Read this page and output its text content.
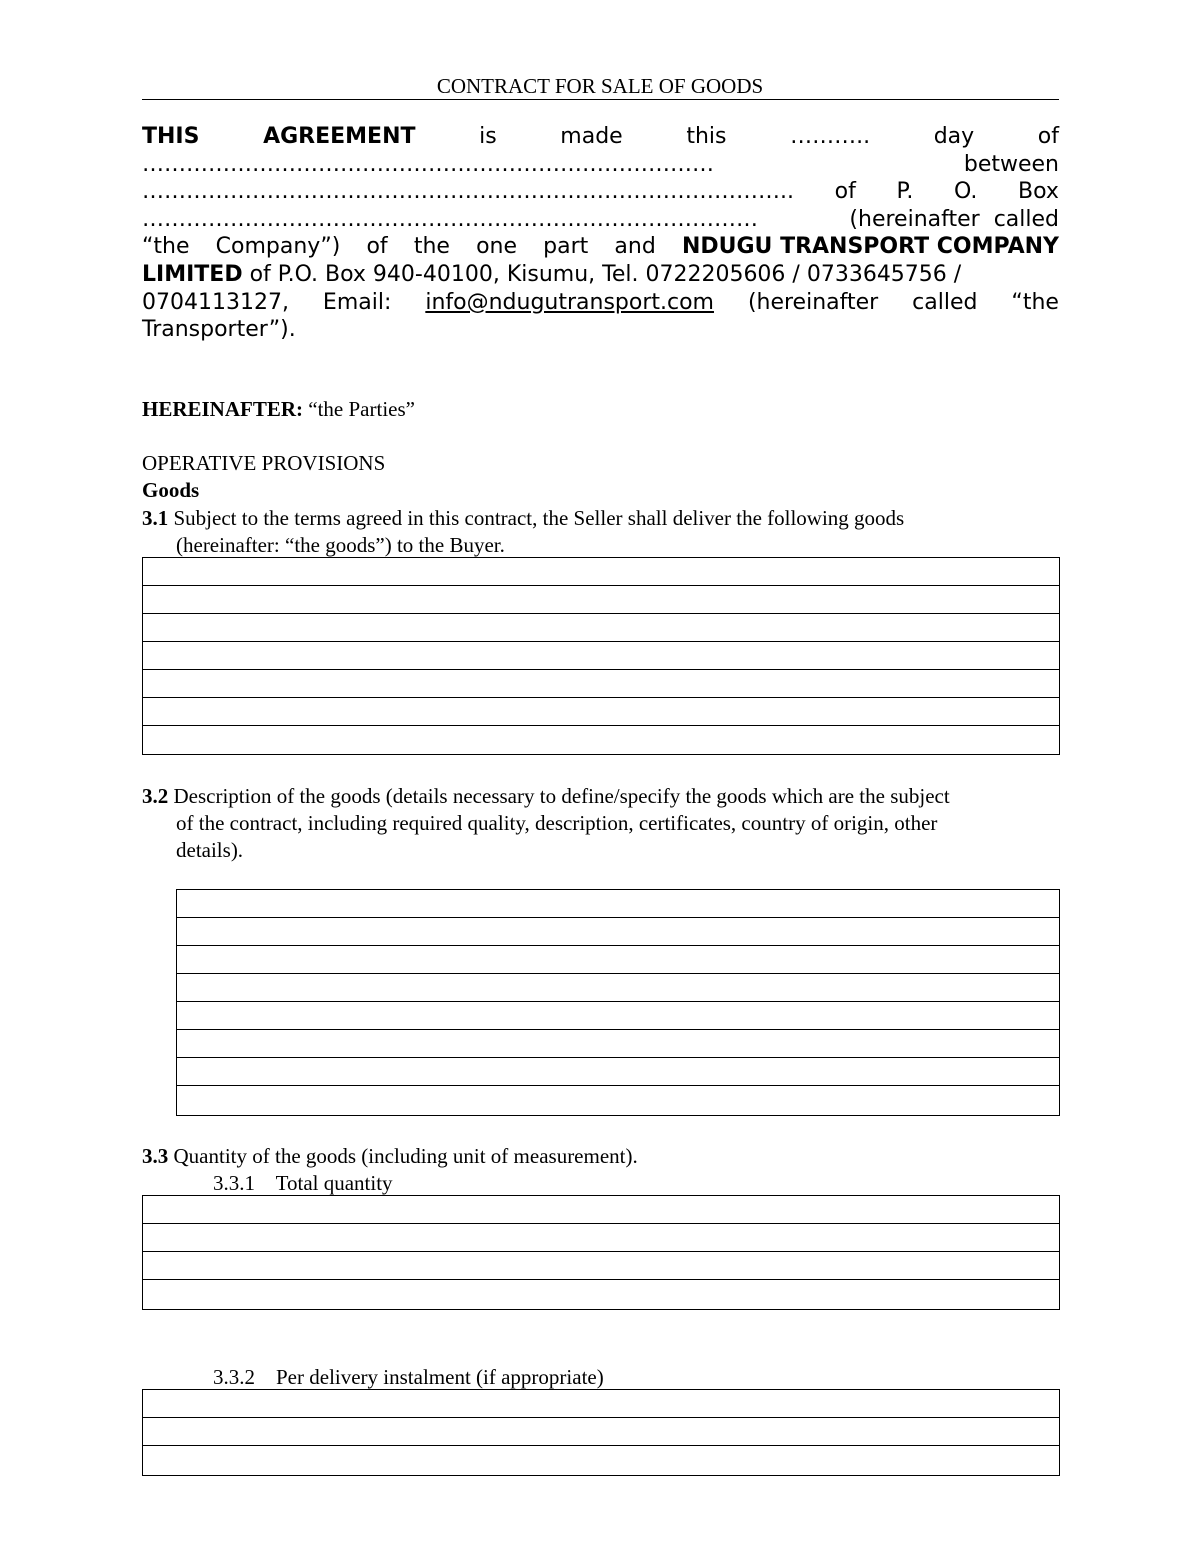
CONTRACT FOR SALE OF GOODS
THIS	AGREEMENT	is	made	this	………..	day	of
……………………………………………………………………	between
…………………………………………………………………………….. of P. O. Box
…………………………………………………………………………	(hereinafter called
“the Company”) of the one part and NDUGU TRANSPORT COMPANY
LIMITED of P.O. Box 940-40100, Kisumu, Tel. 0722205606 / 0733645756 /
0704113127, Email: info@ndugutransport.com (hereinafter called “the
Transporter”).
HEREINAFTER: “the Parties”
OPERATIVE PROVISIONS
Goods
3.1 Subject to the terms agreed in this contract, the Seller shall deliver the following goods
(hereinafter: “the goods”) to the Buyer.
3.2 Description of the goods (details necessary to define/specify the goods which are the subject
of the contract, including required quality, description, certificates, country of origin, other
details).
3.3 Quantity of the goods (including unit of measurement).
3.3.1    Total quantity
3.3.2    Per delivery instalment (if appropriate)
